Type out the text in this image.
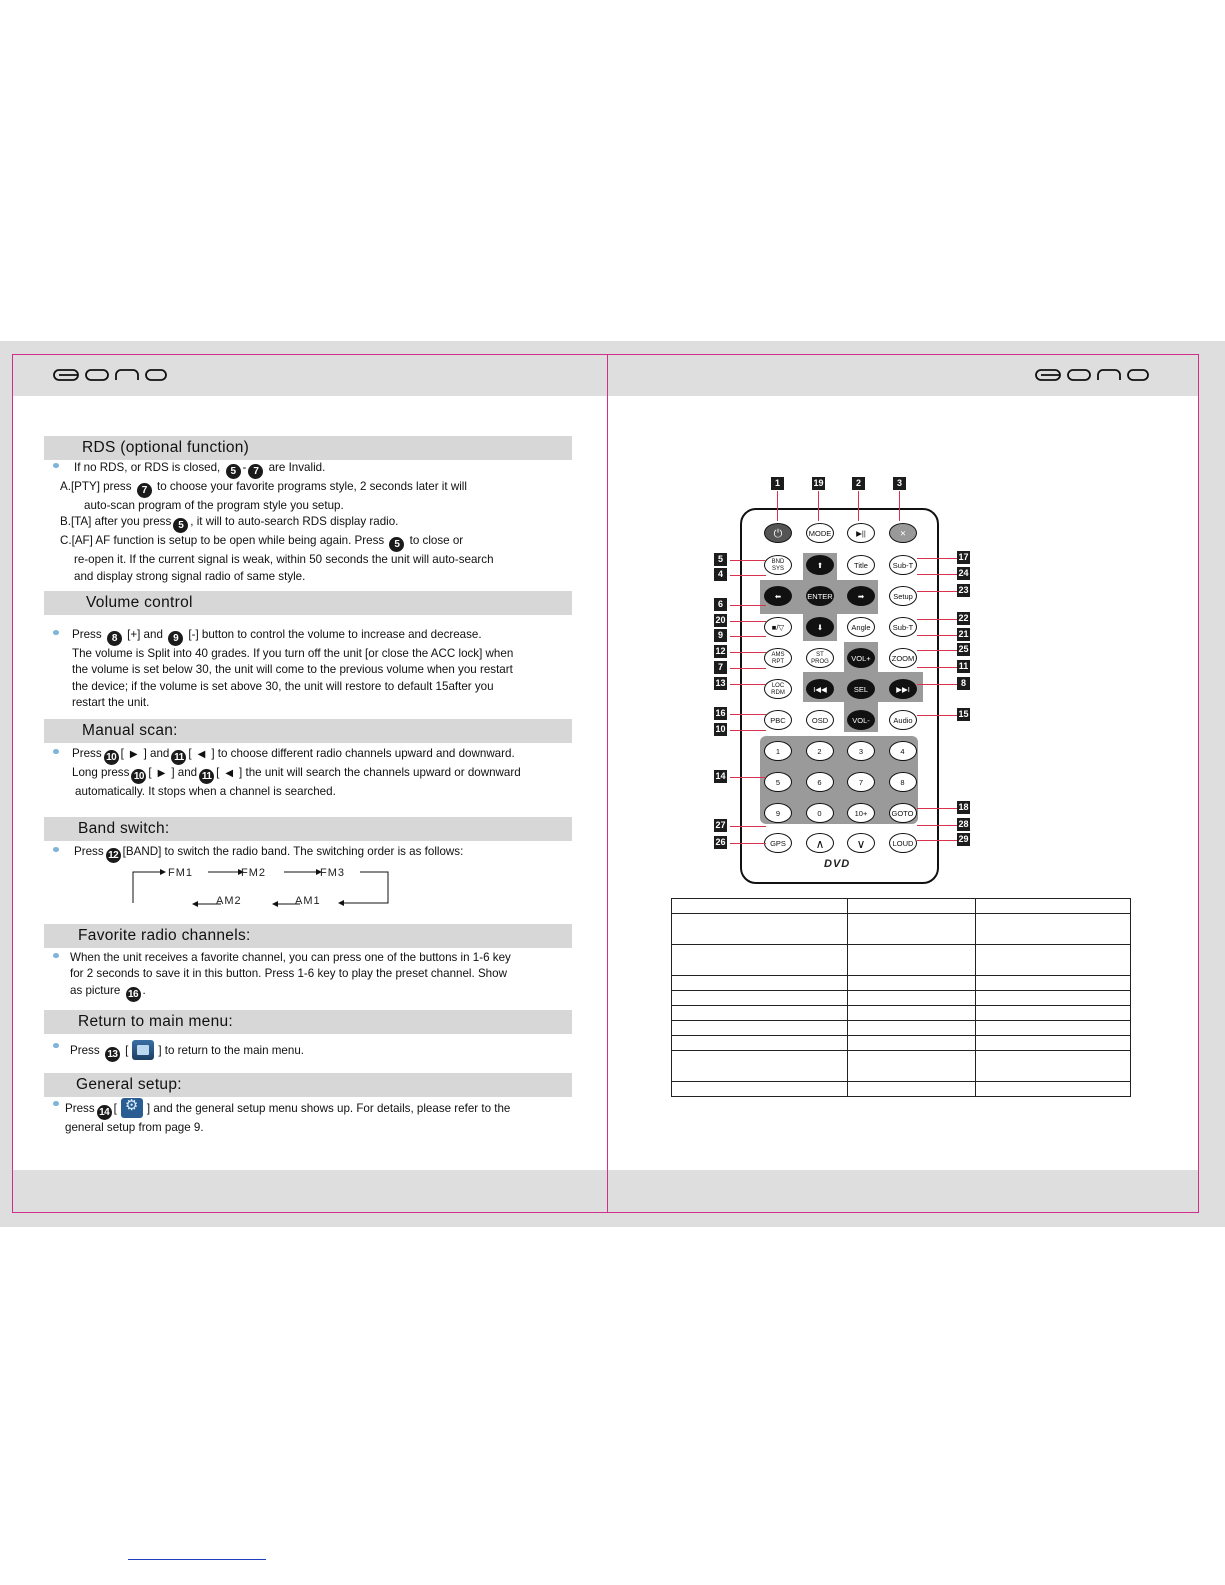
eonon
RDS (optional function)
If no RDS, or RDS is closed, 5 - 7 are Invalid.
A.[PTY] press 7 to choose your favorite programs style, 2 seconds later it will
auto-scan program of the program style you setup.
B.[TA] after you press 5 , it will to auto-search RDS display radio.
C.[AF] AF function is setup to be open while being again. Press 5 to close or
re-open it. If the current signal is weak, within 50 seconds the unit will auto-search
and display strong signal radio of same style.
Volume control
Press 8 [+] and 9 [-] button to control the volume to increase and decrease.
The volume is Split into 40 grades. If you turn off the unit [or close the ACC lock] when
the volume is set below 30, the unit will come to the previous volume when you restart
the device; if the volume is set above 30, the unit will restore to default 15after you
restart the unit.
Manual scan:
Press 10 [ ▶ ] and 11 [ ◀ ] to choose different radio channels upward and downward.
Long press 10 [ ▶ ] and 11 [ ◀ ] the unit will search the channels upward or downward
automatically. It stops when a channel is searched.
Band switch:
Press 12 [BAND] to switch the radio band. The switching order is as follows:
FM1	FM2	FM3
AM1
AM2
Favorite radio channels:
When the unit receives a favorite channel, you can press one of the buttons in 1-6 key
for 2 seconds to save it in this button. Press 1-6 key to play the preset channel. Show
as picture 16 .
Return to main menu:
Press 13 [	] to return to the main menu.
General setup:
Press 14 [⚙	] and the general setup menu shows up. For details, please refer to the
general setup from page 9.
⏻	MODE	▶||	✕
BND
SYS	⬆	Title	Sub-T
⬅	ENTER	➡	Setup
■/▽	⬇	Angle	Sub-T
AMS
RPT
ST
PROG	VOL+	ZOOM
LOC
RDM	I◀◀	SEL	▶▶I
PBC	OSD	VOL-	Audio
1	2	3	4
5	6	7	8
9	0	10+	GOTO
GPS	∧	∨	LOUD
DVD
1	19	2	3
5
4
6
20
9
12
7
13
16
10
14
27
26
17
24
23
22
21
25
11
8
15
18
28
29
